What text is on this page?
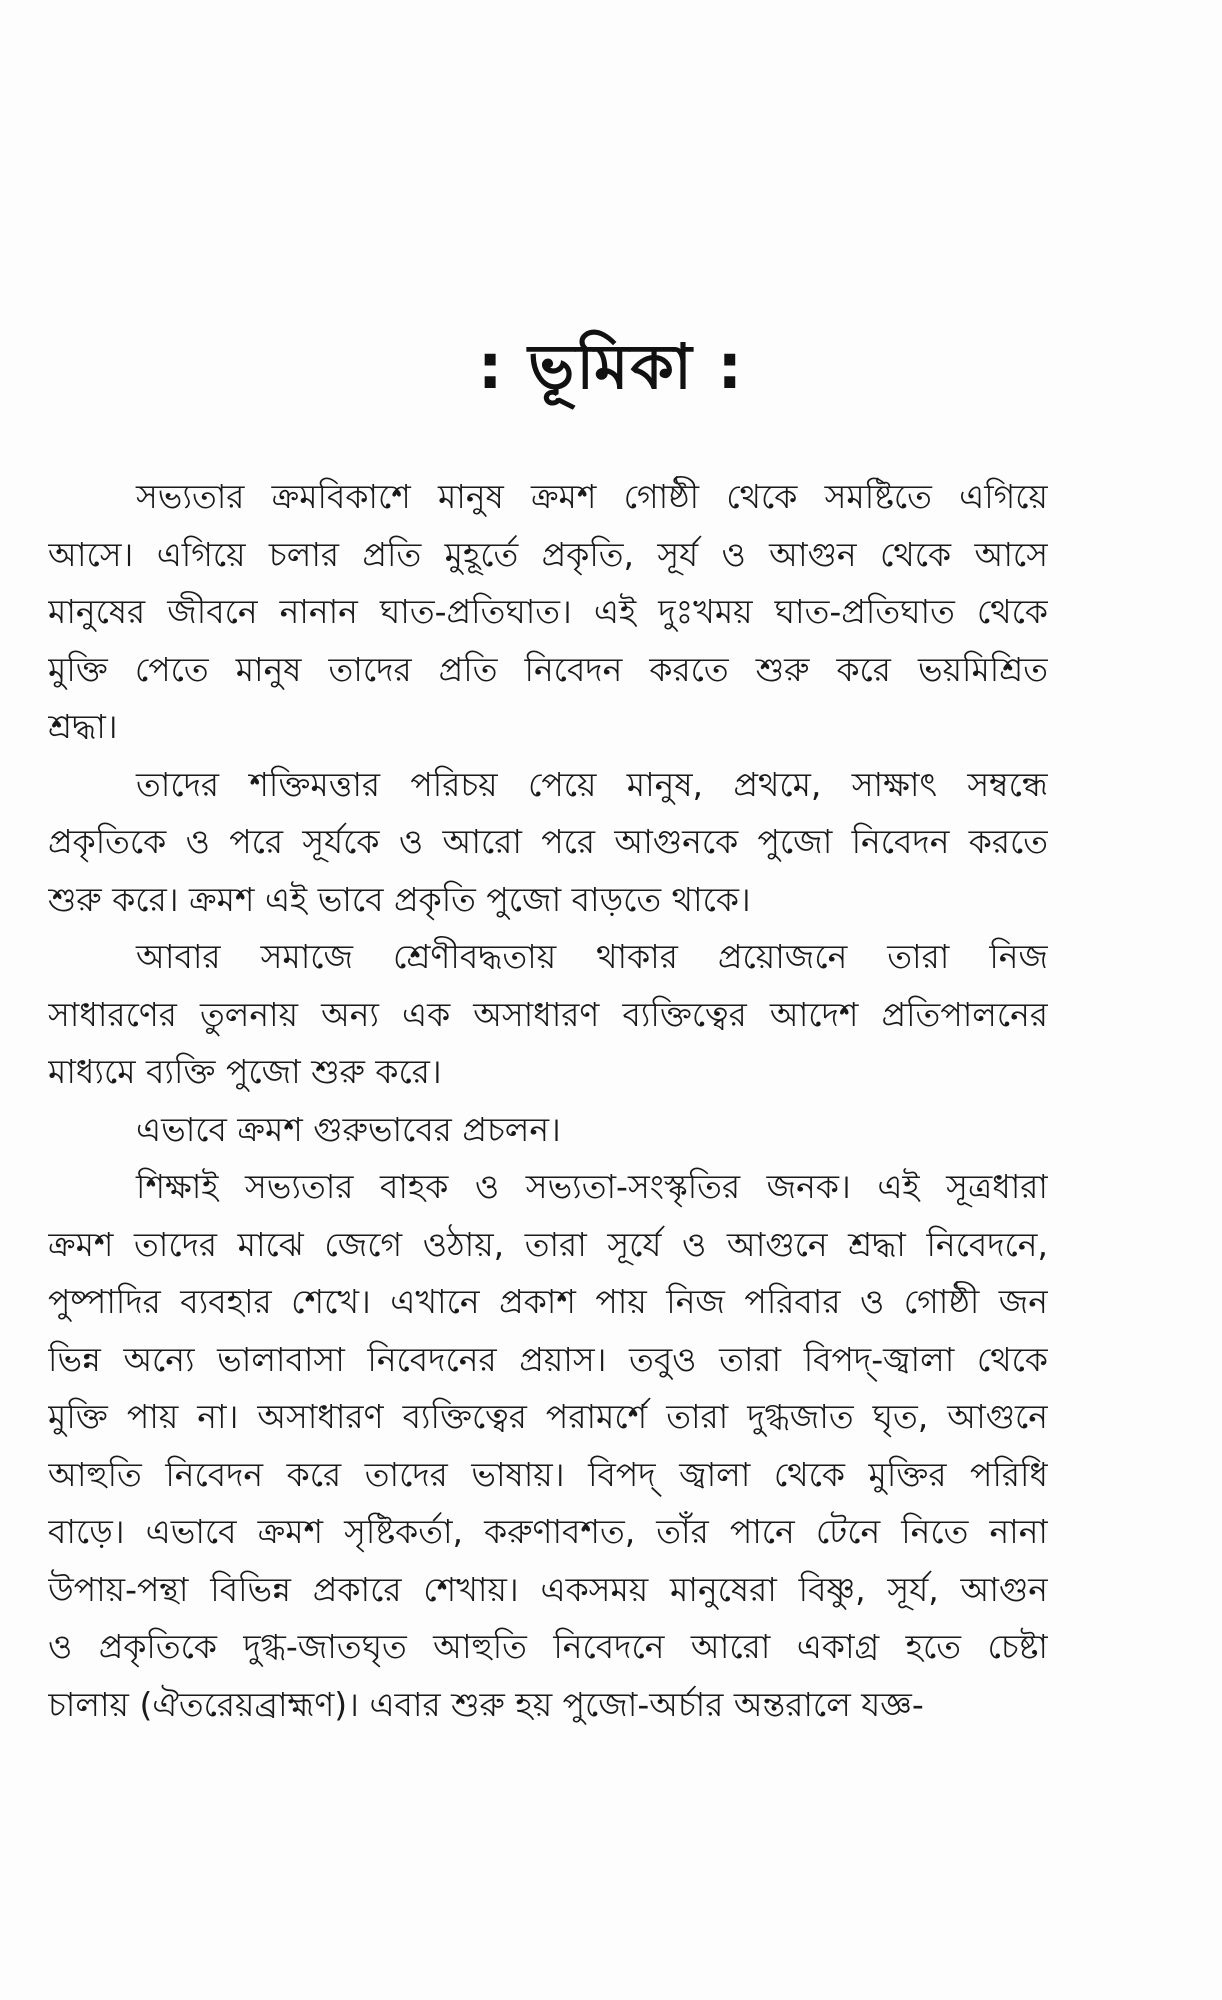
: ভূমিকা :
সভ্যতার ক্রমবিকাশে মানুষ ক্রমশ গোষ্ঠী থেকে সমষ্টিতে এগিয়ে
আসে। এগিয়ে চলার প্রতি মুহূর্তে প্রকৃতি, সূর্য ও আগুন থেকে আসে
মানুষের জীবনে নানান ঘাত-প্রতিঘাত। এই দুঃখময় ঘাত-প্রতিঘাত থেকে
মুক্তি পেতে মানুষ তাদের প্রতি নিবেদন করতে শুরু করে ভয়মিশ্রিত
শ্রদ্ধা।
তাদের শক্তিমত্তার পরিচয় পেয়ে মানুষ, প্রথমে, সাক্ষাৎ সম্বন্ধে
প্রকৃতিকে ও পরে সূর্যকে ও আরো পরে আগুনকে পুজো নিবেদন করতে
শুরু করে। ক্রমশ এই ভাবে প্রকৃতি পুজো বাড়তে থাকে।
আবার সমাজে শ্রেণীবদ্ধতায় থাকার প্রয়োজনে তারা নিজ
সাধারণের তুলনায় অন্য এক অসাধারণ ব্যক্তিত্বের আদেশ প্রতিপালনের
মাধ্যমে ব্যক্তি পুজো শুরু করে।
এভাবে ক্রমশ গুরুভাবের প্রচলন।
শিক্ষাই সভ্যতার বাহক ও সভ্যতা-সংস্কৃতির জনক। এই সূত্রধারা
ক্রমশ তাদের মাঝে জেগে ওঠায়, তারা সূর্যে ও আগুনে শ্রদ্ধা নিবেদনে,
পুষ্পাদির ব্যবহার শেখে। এখানে প্রকাশ পায় নিজ পরিবার ও গোষ্ঠী জন
ভিন্ন অন্যে ভালাবাসা নিবেদনের প্রয়াস। তবুও তারা বিপদ্-জ্বালা থেকে
মুক্তি পায় না। অসাধারণ ব্যক্তিত্বের পরামর্শে তারা দুগ্ধজাত ঘৃত, আগুনে
আহুতি নিবেদন করে তাদের ভাষায়। বিপদ্ জ্বালা থেকে মুক্তির পরিধি
বাড়ে। এভাবে ক্রমশ সৃষ্টিকর্তা, করুণাবশত, তাঁর পানে টেনে নিতে নানা
উপায়-পন্থা বিভিন্ন প্রকারে শেখায়। একসময় মানুষেরা বিষ্ণু, সূর্য, আগুন
ও প্রকৃতিকে দুগ্ধ-জাতঘৃত আহুতি নিবেদনে আরো একাগ্র হতে চেষ্টা
চালায় (ঐতরেয়ব্রাহ্মণ)। এবার শুরু হয় পুজো-অর্চার অন্তরালে যজ্ঞ-
